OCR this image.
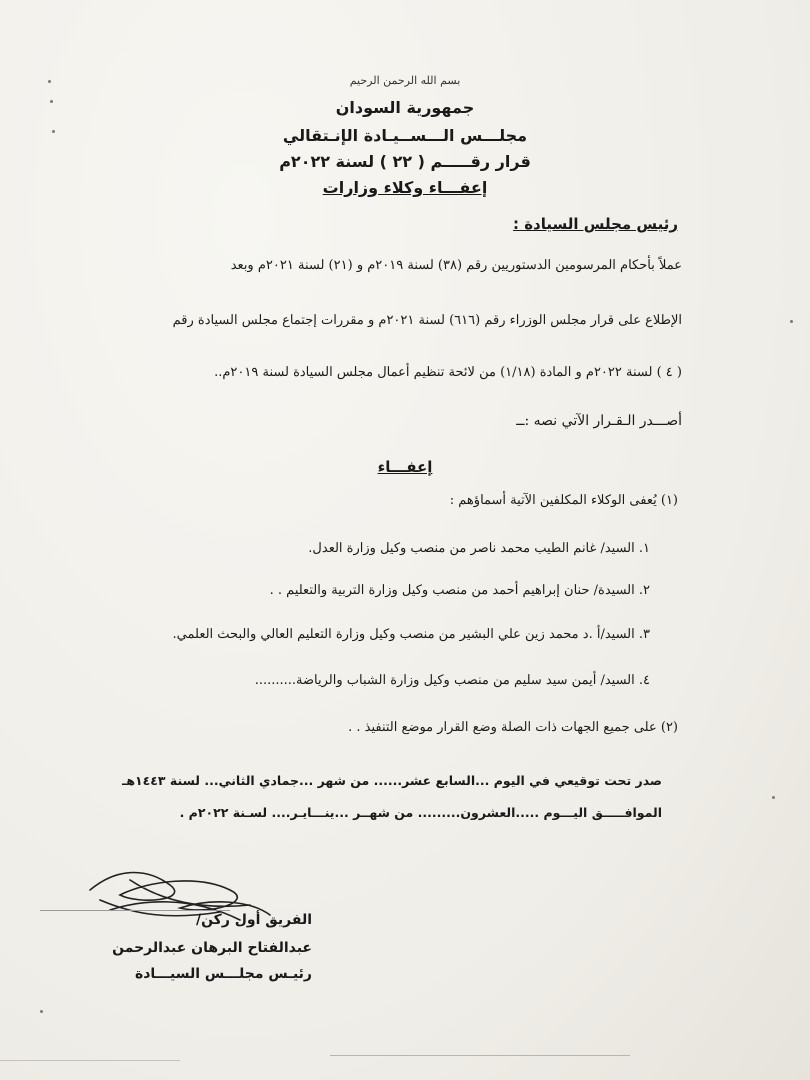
بسم الله الرحمن الرحيم
جمهورية السودان
مجلـــس الـــســيـادة الإنـتقالي
قرار رقـــــم ( ٢٢ ) لسنة ٢٠٢٢م
إعفـــاء وكلاء وزارات
رئيس مجلس السيادة :
عملاً بأحكام المرسومين الدستوريين رقم (٣٨) لسنة ٢٠١٩م و (٢١) لسنة ٢٠٢١م وبعد
الإطلاع على قرار مجلس الوزراء رقم (٦١٦) لسنة ٢٠٢١م و مقررات إجتماع مجلس السيادة رقم
( ٤ ) لسنة ٢٠٢٢م و المادة (١/١٨) من لائحة تنظيم أعمال مجلس السيادة لسنة ٢٠١٩م..
أصـــدر الـقـرار الآتي نصه :ــ
إعفـــاء
(١) يُعفى الوكلاء المكلفين الآتية أسماؤهم :
١. السيد/ غانم الطيب محمد ناصر من منصب وكيل وزارة العدل.
٢. السيدة/ حنان إبراهيم أحمد من منصب وكيل وزارة التربية والتعليم . .
٣. السيد/أ .د محمد زين علي البشير من منصب وكيل وزارة التعليم العالي والبحث العلمي.
٤. السيد/ أيمن سيد سليم من منصب وكيل وزارة الشباب والرياضة..........
(٢) على جميع الجهات ذات الصلة وضع القرار موضع التنفيذ . .
صدر تحت توقيعي في اليوم ...السابع عشر...... من شهر ...جمادي الثاني... لسنة ١٤٤٣هـ
الموافـــــق اليـــوم .....العشرون......... من شهــر ...ينـــايـر.... لسـنة ٢٠٢٢م .
الفريق أول ركن/
عبدالفتاح البرهان عبدالرحمن
رئيـس مجلـــس السيـــادة
